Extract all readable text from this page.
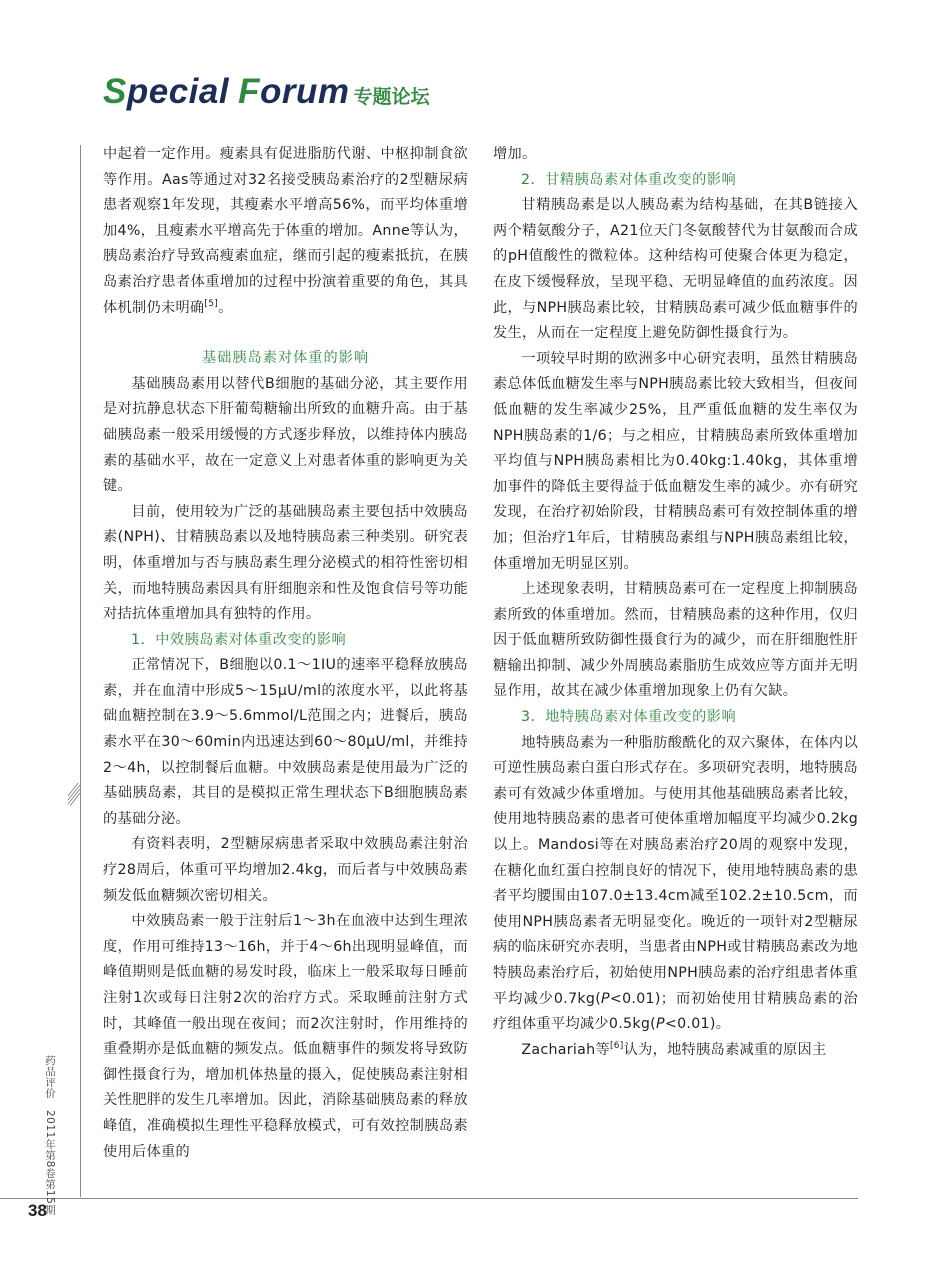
Special Forum 专题论坛

中起着一定作用。瘦素具有促进脂肪代谢、中枢抑制食欲等作用。Aas等通过对32名接受胰岛素治疗的2型糖尿病患者观察1年发现，其瘦素水平增高56%，而平均体重增加4%，且瘦素水平增高先于体重的增加。Anne等认为，胰岛素治疗导致高瘦素血症，继而引起的瘦素抵抗，在胰岛素治疗患者体重增加的过程中扮演着重要的角色，其具体机制仍未明确[5]。

基础胰岛素对体重的影响

基础胰岛素用以替代B细胞的基础分泌，其主要作用是对抗静息状态下肝葡萄糖输出所致的血糖升高。由于基础胰岛素一般采用缓慢的方式逐步释放，以维持体内胰岛素的基础水平，故在一定意义上对患者体重的影响更为关键。

目前，使用较为广泛的基础胰岛素主要包括中效胰岛素(NPH)、甘精胰岛素以及地特胰岛素三种类别。研究表明，体重增加与否与胰岛素生理分泌模式的相符性密切相关，而地特胰岛素因具有肝细胞亲和性及饱食信号等功能对拮抗体重增加具有独特的作用。

1．中效胰岛素对体重改变的影响

正常情况下，B细胞以0.1～1IU的速率平稳释放胰岛素，并在血清中形成5～15μU/ml的浓度水平，以此将基础血糖控制在3.9～5.6mmol/L范围之内；进餐后，胰岛素水平在30～60min内迅速达到60～80μU/ml，并维持2～4h，以控制餐后血糖。中效胰岛素是使用最为广泛的基础胰岛素，其目的是模拟正常生理状态下B细胞胰岛素的基础分泌。

有资料表明，2型糖尿病患者采取中效胰岛素注射治疗28周后，体重可平均增加2.4kg，而后者与中效胰岛素频发低血糖频次密切相关。

中效胰岛素一般于注射后1～3h在血液中达到生理浓度，作用可维持13～16h，并于4～6h出现明显峰值，而峰值期则是低血糖的易发时段，临床上一般采取每日睡前注射1次或每日注射2次的治疗方式。采取睡前注射方式时，其峰值一般出现在夜间；而2次注射时，作用维持的重叠期亦是低血糖的频发点。低血糖事件的频发将导致防御性摄食行为，增加机体热量的摄入，促使胰岛素注射相关性肥胖的发生几率增加。因此，消除基础胰岛素的释放峰值，准确模拟生理性平稳释放模式，可有效控制胰岛素使用后体重的

增加。

2．甘精胰岛素对体重改变的影响

甘精胰岛素是以人胰岛素为结构基础，在其B链接入两个精氨酸分子，A21位天门冬氨酸替代为甘氨酸而合成的pH值酸性的微粒体。这种结构可使聚合体更为稳定，在皮下缓慢释放，呈现平稳、无明显峰值的血药浓度。因此，与NPH胰岛素比较，甘精胰岛素可减少低血糖事件的发生，从而在一定程度上避免防御性摄食行为。

一项较早时期的欧洲多中心研究表明，虽然甘精胰岛素总体低血糖发生率与NPH胰岛素比较大致相当，但夜间低血糖的发生率减少25%，且严重低血糖的发生率仅为NPH胰岛素的1/6；与之相应，甘精胰岛素所致体重增加平均值与NPH胰岛素相比为0.40kg:1.40kg，其体重增加事件的降低主要得益于低血糖发生率的减少。亦有研究发现，在治疗初始阶段，甘精胰岛素可有效控制体重的增加；但治疗1年后，甘精胰岛素组与NPH胰岛素组比较，体重增加无明显区别。

上述现象表明，甘精胰岛素可在一定程度上抑制胰岛素所致的体重增加。然而，甘精胰岛素的这种作用，仅归因于低血糖所致防御性摄食行为的减少，而在肝细胞性肝糖输出抑制、减少外周胰岛素脂肪生成效应等方面并无明显作用，故其在减少体重增加现象上仍有欠缺。

3．地特胰岛素对体重改变的影响

地特胰岛素为一种脂肪酸酰化的双六聚体，在体内以可逆性胰岛素白蛋白形式存在。多项研究表明，地特胰岛素可有效减少体重增加。与使用其他基础胰岛素者比较，使用地特胰岛素的患者可使体重增加幅度平均减少0.2kg以上。Mandosi等在对胰岛素治疗20周的观察中发现，在糖化血红蛋白控制良好的情况下，使用地特胰岛素的患者平均腰围由107.0±13.4cm减至102.2±10.5cm，而使用NPH胰岛素者无明显变化。晚近的一项针对2型糖尿病的临床研究亦表明，当患者由NPH或甘精胰岛素改为地特胰岛素治疗后，初始使用NPH胰岛素的治疗组患者体重平均减少0.7kg(P<0.01)；而初始使用甘精胰岛素的治疗组体重平均减少0.5kg(P<0.01)。

Zachariah等[6]认为，地特胰岛素减重的原因主

药品评价　2011年第8卷第15期
38
